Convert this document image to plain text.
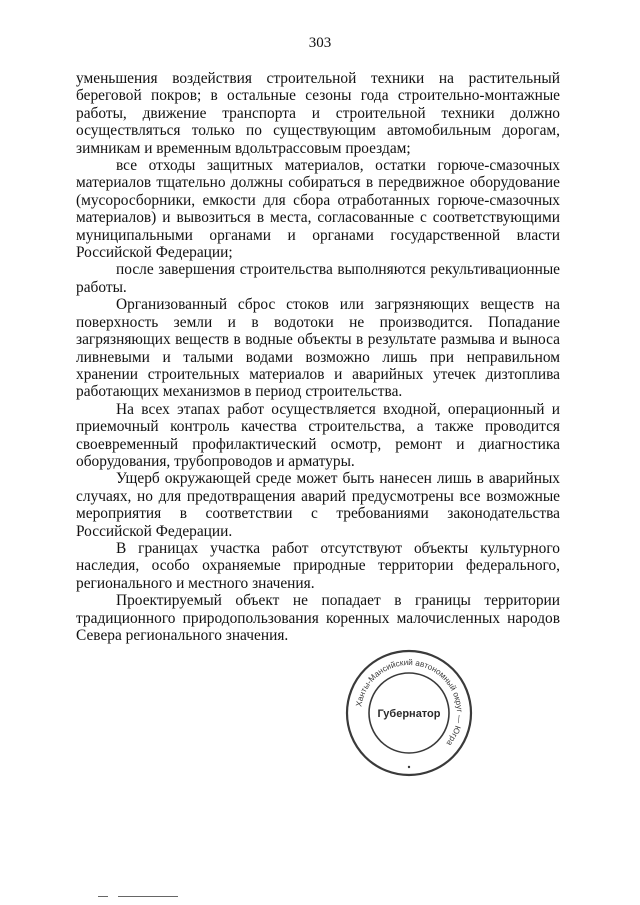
303

уменьшения воздействия строительной техники на растительный береговой покров; в остальные сезоны года строительно-монтажные работы, движение транспорта и строительной техники должно осуществляться только по существующим автомобильным дорогам, зимникам и временным вдольтрассовым проездам;

все отходы защитных материалов, остатки горюче-смазочных материалов тщательно должны собираться в передвижное оборудование (мусоросборники, емкости для сбора отработанных горюче-смазочных материалов) и вывозиться в места, согласованные с соответствующими муниципальными органами и органами государственной власти Российской Федерации;

после завершения строительства выполняются рекультивационные работы.

Организованный сброс стоков или загрязняющих веществ на поверхность земли и в водотоки не производится. Попадание загрязняющих веществ в водные объекты в результате размыва и выноса ливневыми и талыми водами возможно лишь при неправильном хранении строительных материалов и аварийных утечек дизтоплива работающих механизмов в период строительства.

На всех этапах работ осуществляется входной, операционный и приемочный контроль качества строительства, а также проводится своевременный профилактический осмотр, ремонт и диагностика оборудования, трубопроводов и арматуры.

Ущерб окружающей среде может быть нанесен лишь в аварийных случаях, но для предотвращения аварий предусмотрены все возможные мероприятия в соответствии с требованиями законодательства Российской Федерации.

В границах участка работ отсутствуют объекты культурного наследия, особо охраняемые природные территории федерального, регионального и местного значения.

Проектируемый объект не попадает в границы территории традиционного природопользования коренных малочисленных народов Севера регионального значения.

Ханты-Мансийский автономный округ — Югра
Губернатор
